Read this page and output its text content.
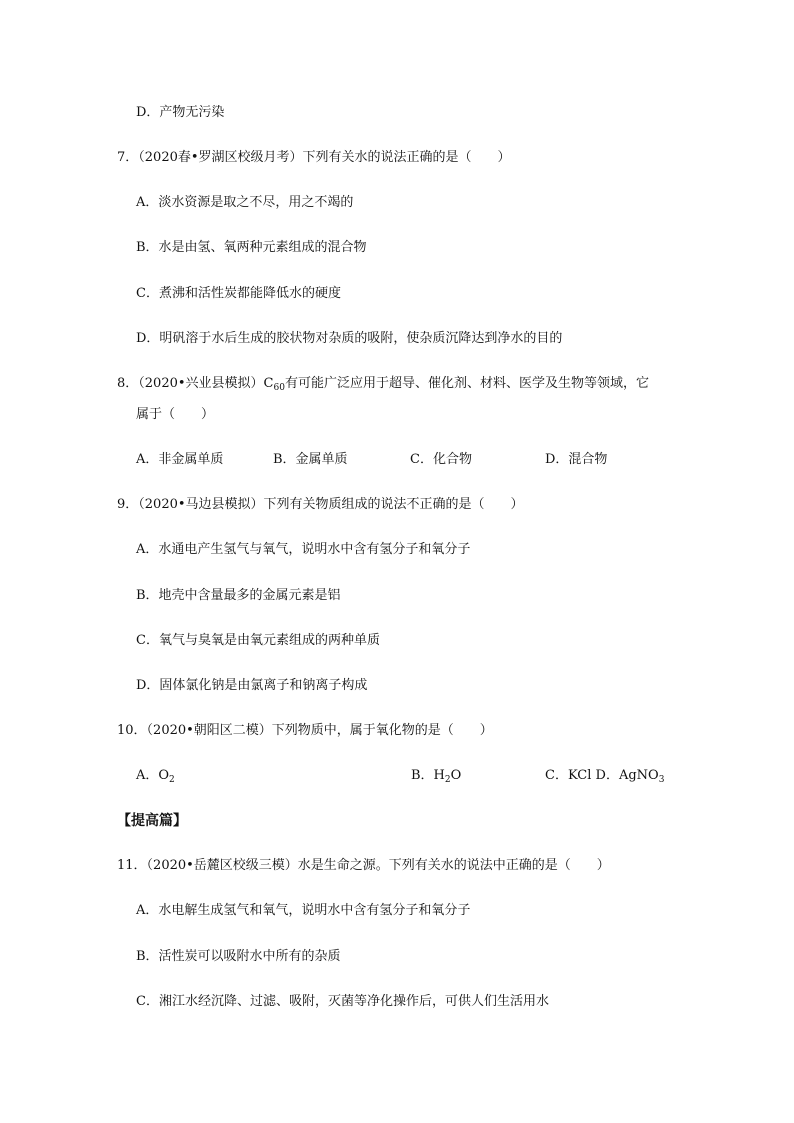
D．产物无污染
7．（2020春•罗湖区校级月考）下列有关水的说法正确的是（　　）
A．淡水资源是取之不尽，用之不竭的
B．水是由氢、氧两种元素组成的混合物
C．煮沸和活性炭都能降低水的硬度
D．明矾溶于水后生成的胶状物对杂质的吸附，使杂质沉降达到净水的目的
8．（2020•兴业县模拟）$C_{60}$有可能广泛应用于超导、催化剂、材料、医学及生物等领域，它
属于（　　）
A．非金属单质	B．金属单质	C．化合物	D．混合物
9．（2020•马边县模拟）下列有关物质组成的说法不正确的是（　　）
A．水通电产生氢气与氧气，说明水中含有氢分子和氧分子
B．地壳中含量最多的金属元素是铝
C．氧气与臭氧是由氧元素组成的两种单质
D．固体氯化钠是由氯离子和钠离子构成
10．（2020•朝阳区二模）下列物质中，属于氧化物的是（　　）
A．$O_2$	B．$H_2O$	C．KCl D．AgNO$_3$
【提高篇】
11．（2020•岳麓区校级三模）水是生命之源。下列有关水的说法中正确的是（　　）
A．水电解生成氢气和氧气，说明水中含有氢分子和氧分子
B．活性炭可以吸附水中所有的杂质
C．湘江水经沉降、过滤、吸附，灭菌等净化操作后，可供人们生活用水
